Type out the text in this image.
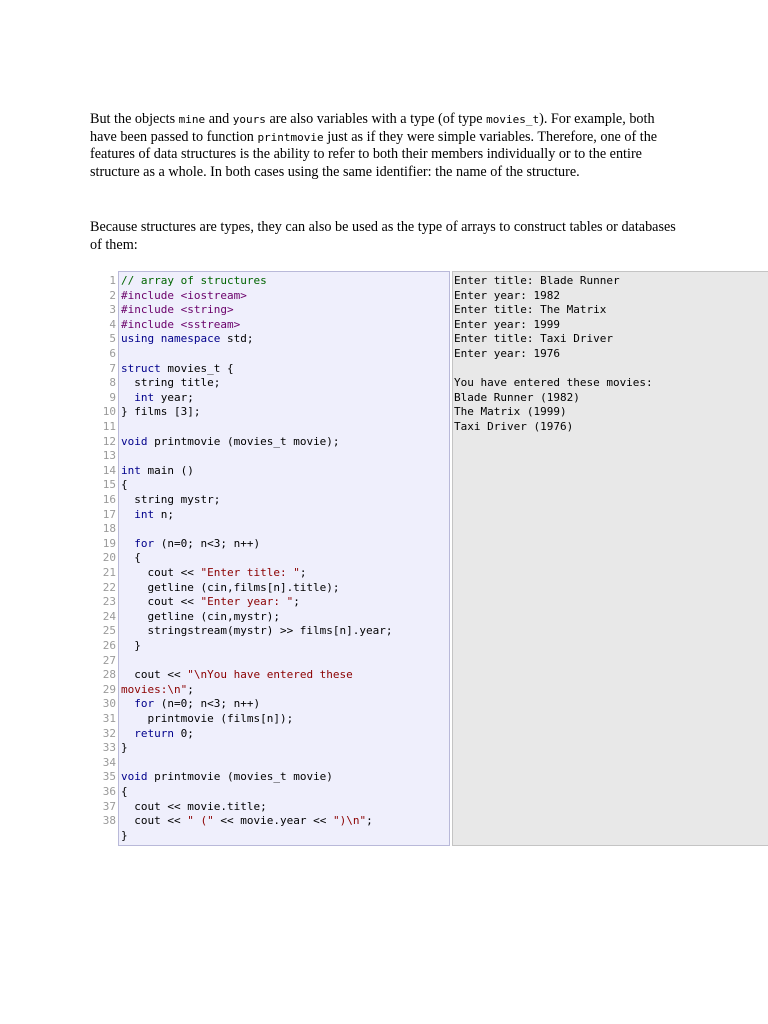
But the objects mine and yours are also variables with a type (of type movies_t). For example, both have been passed to function printmovie just as if they were simple variables. Therefore, one of the features of data structures is the ability to refer to both their members individually or to the entire structure as a whole. In both cases using the same identifier: the name of the structure.

Because structures are types, they can also be used as the type of arrays to construct tables or databases of them:

1
2
3
4
5
6
7
8
9
10
11
12
13
14
15
16
17
18
19
20
21
22
23
24
25
26
27
28
29
30
31
32
33
34
35
36
37
38
// array of structures
#include <iostream>
#include <string>
#include <sstream>
using namespace std;
struct movies_t {
string title;
int year;
} films [3];
void printmovie (movies_t movie);
int main ()
{
string mystr;
int n;
for (n=0; n<3; n++)
{
cout << "Enter title: ";
getline (cin,films[n].title);
cout << "Enter year: ";
getline (cin,mystr);
stringstream(mystr) >> films[n].year;
}
cout << "\nYou have entered these
movies:\n";
for (n=0; n<3; n++)
printmovie (films[n]);
return 0;
}
void printmovie (movies_t movie)
{
cout << movie.title;
cout << " (" << movie.year << ")\n";
}
Enter title: Blade Runner
Enter year: 1982
Enter title: The Matrix
Enter year: 1999
Enter title: Taxi Driver
Enter year: 1976
You have entered these movies:
Blade Runner (1982)
The Matrix (1999)
Taxi Driver (1976)
